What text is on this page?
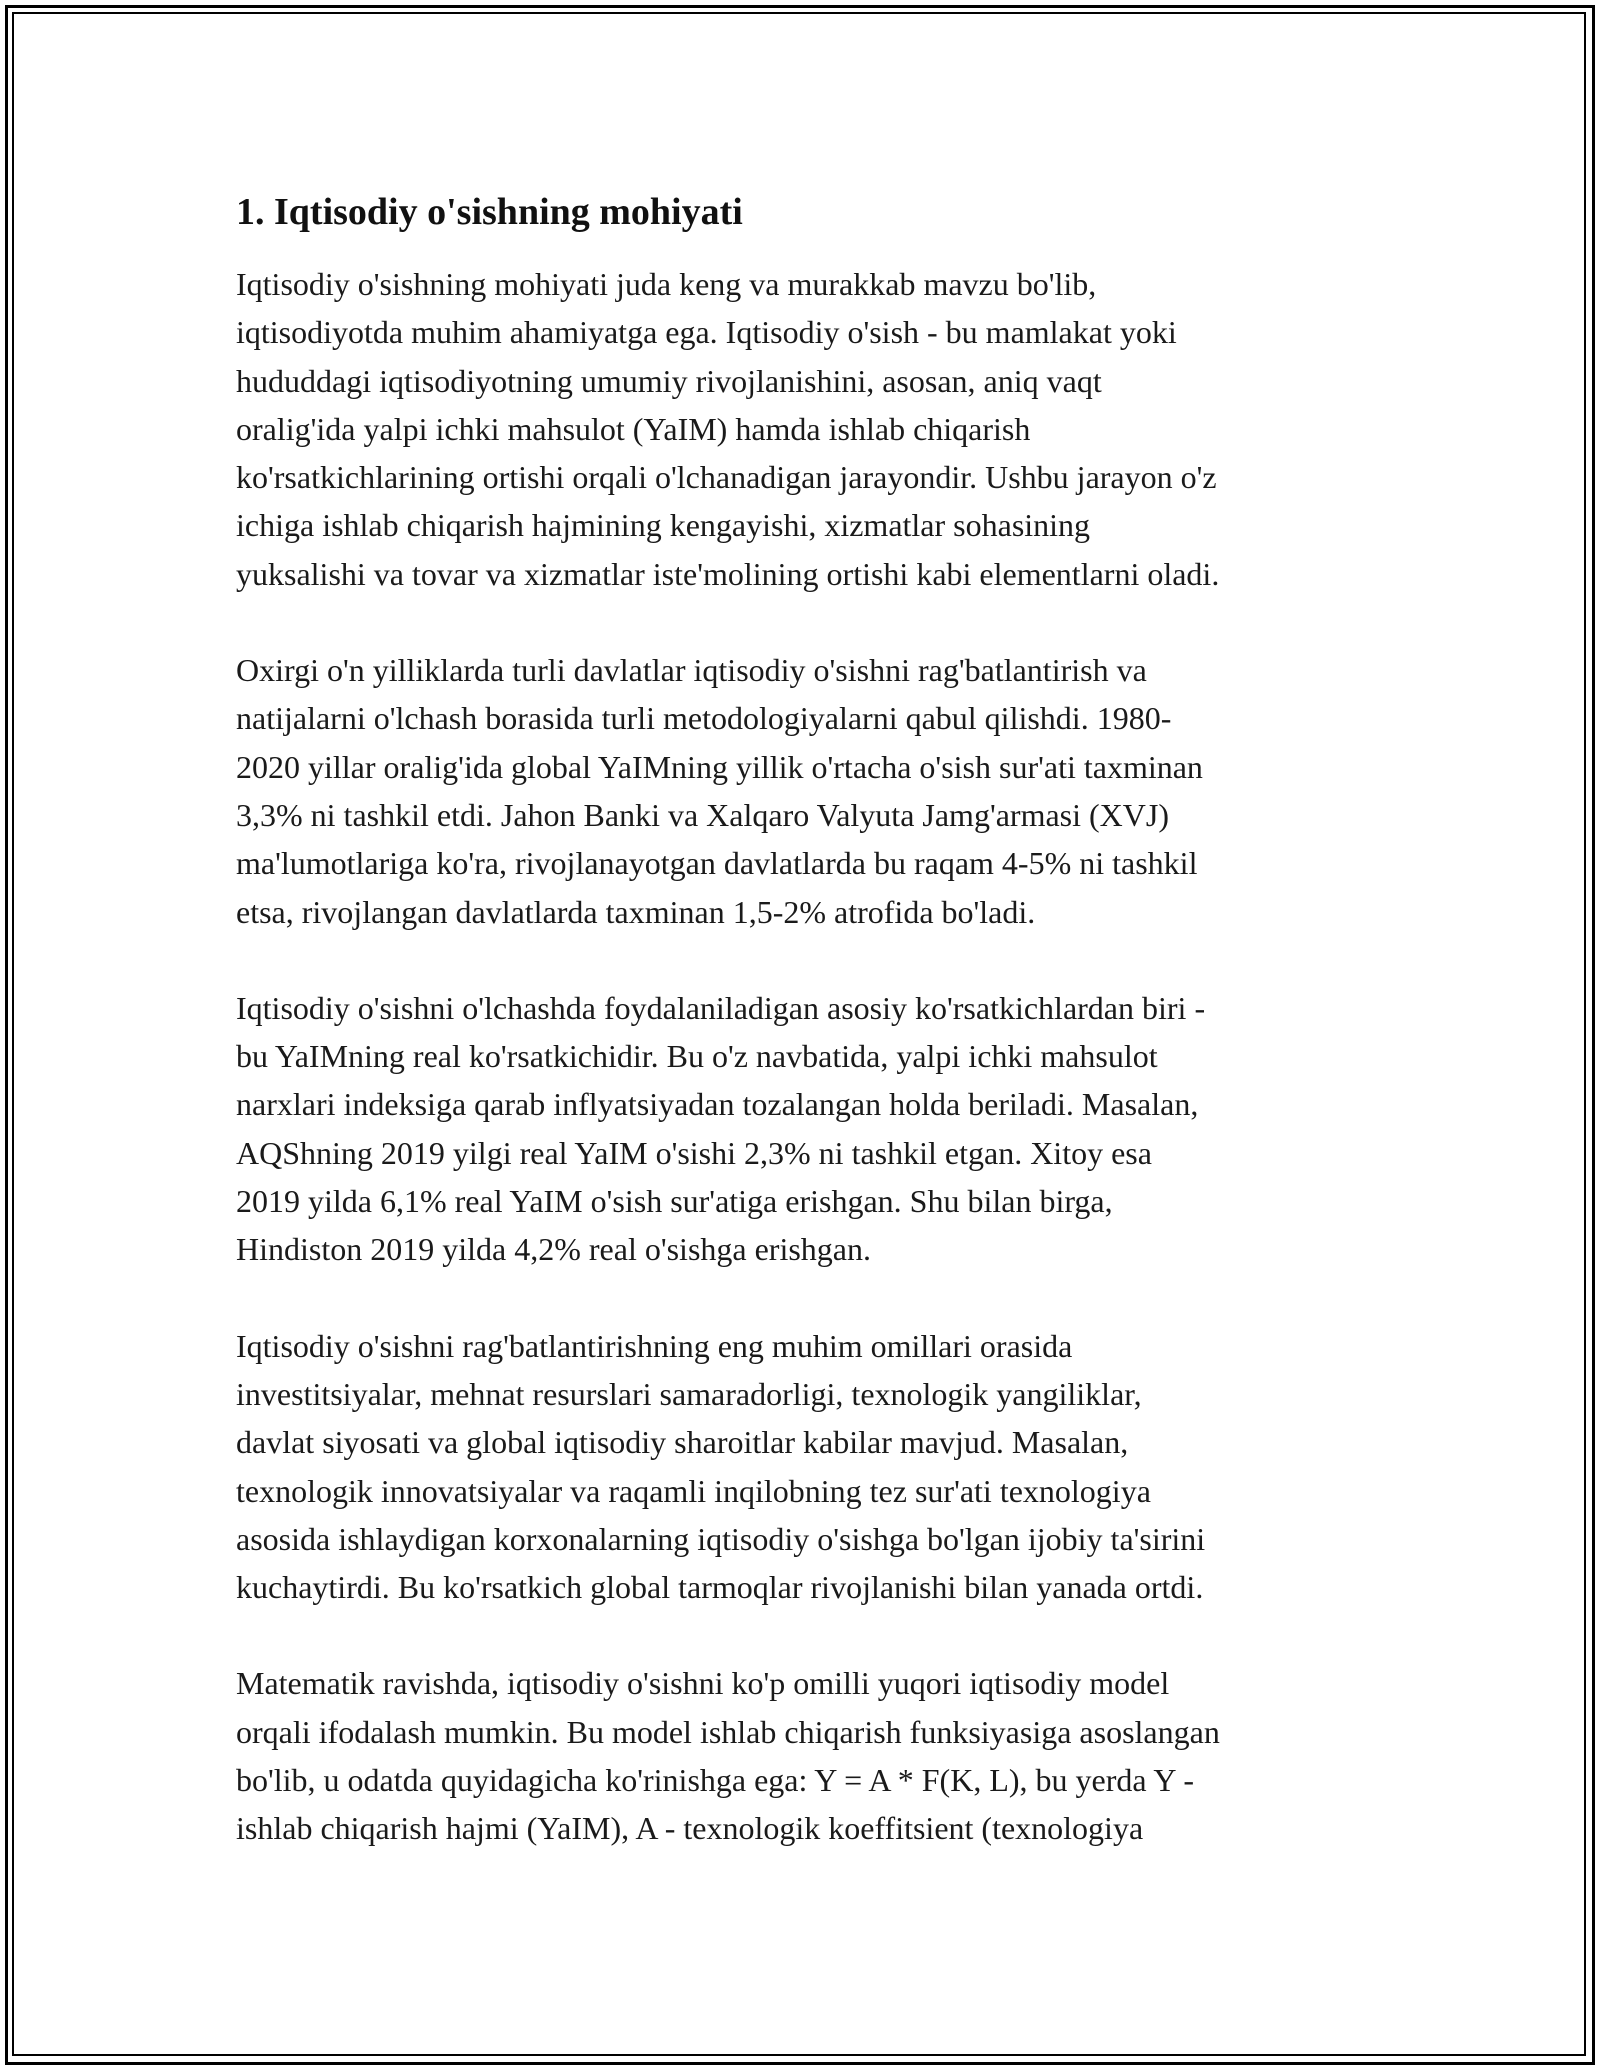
1. Iqtisodiy o'sishning mohiyati

Iqtisodiy o'sishning mohiyati juda keng va murakkab mavzu bo'lib,
iqtisodiyotda muhim ahamiyatga ega. Iqtisodiy o'sish - bu mamlakat yoki
hududdagi iqtisodiyotning umumiy rivojlanishini, asosan, aniq vaqt
oralig'ida yalpi ichki mahsulot (YaIM) hamda ishlab chiqarish
ko'rsatkichlarining ortishi orqali o'lchanadigan jarayondir. Ushbu jarayon o'z
ichiga ishlab chiqarish hajmining kengayishi, xizmatlar sohasining
yuksalishi va tovar va xizmatlar iste'molining ortishi kabi elementlarni oladi.

Oxirgi o'n yilliklarda turli davlatlar iqtisodiy o'sishni rag'batlantirish va
natijalarni o'lchash borasida turli metodologiyalarni qabul qilishdi. 1980-
2020 yillar oralig'ida global YaIMning yillik o'rtacha o'sish sur'ati taxminan
3,3% ni tashkil etdi. Jahon Banki va Xalqaro Valyuta Jamg'armasi (XVJ)
ma'lumotlariga ko'ra, rivojlanayotgan davlatlarda bu raqam 4-5% ni tashkil
etsa, rivojlangan davlatlarda taxminan 1,5-2% atrofida bo'ladi.

Iqtisodiy o'sishni o'lchashda foydalaniladigan asosiy ko'rsatkichlardan biri -
bu YaIMning real ko'rsatkichidir. Bu o'z navbatida, yalpi ichki mahsulot
narxlari indeksiga qarab inflyatsiyadan tozalangan holda beriladi. Masalan,
AQShning 2019 yilgi real YaIM o'sishi 2,3% ni tashkil etgan. Xitoy esa
2019 yilda 6,1% real YaIM o'sish sur'atiga erishgan. Shu bilan birga,
Hindiston 2019 yilda 4,2% real o'sishga erishgan.

Iqtisodiy o'sishni rag'batlantirishning eng muhim omillari orasida
investitsiyalar, mehnat resurslari samaradorligi, texnologik yangiliklar,
davlat siyosati va global iqtisodiy sharoitlar kabilar mavjud. Masalan,
texnologik innovatsiyalar va raqamli inqilobning tez sur'ati texnologiya
asosida ishlaydigan korxonalarning iqtisodiy o'sishga bo'lgan ijobiy ta'sirini
kuchaytirdi. Bu ko'rsatkich global tarmoqlar rivojlanishi bilan yanada ortdi.

Matematik ravishda, iqtisodiy o'sishni ko'p omilli yuqori iqtisodiy model
orqali ifodalash mumkin. Bu model ishlab chiqarish funksiyasiga asoslangan
bo'lib, u odatda quyidagicha ko'rinishga ega: Y = A * F(K, L), bu yerda Y -
ishlab chiqarish hajmi (YaIM), A - texnologik koeffitsient (texnologiya
